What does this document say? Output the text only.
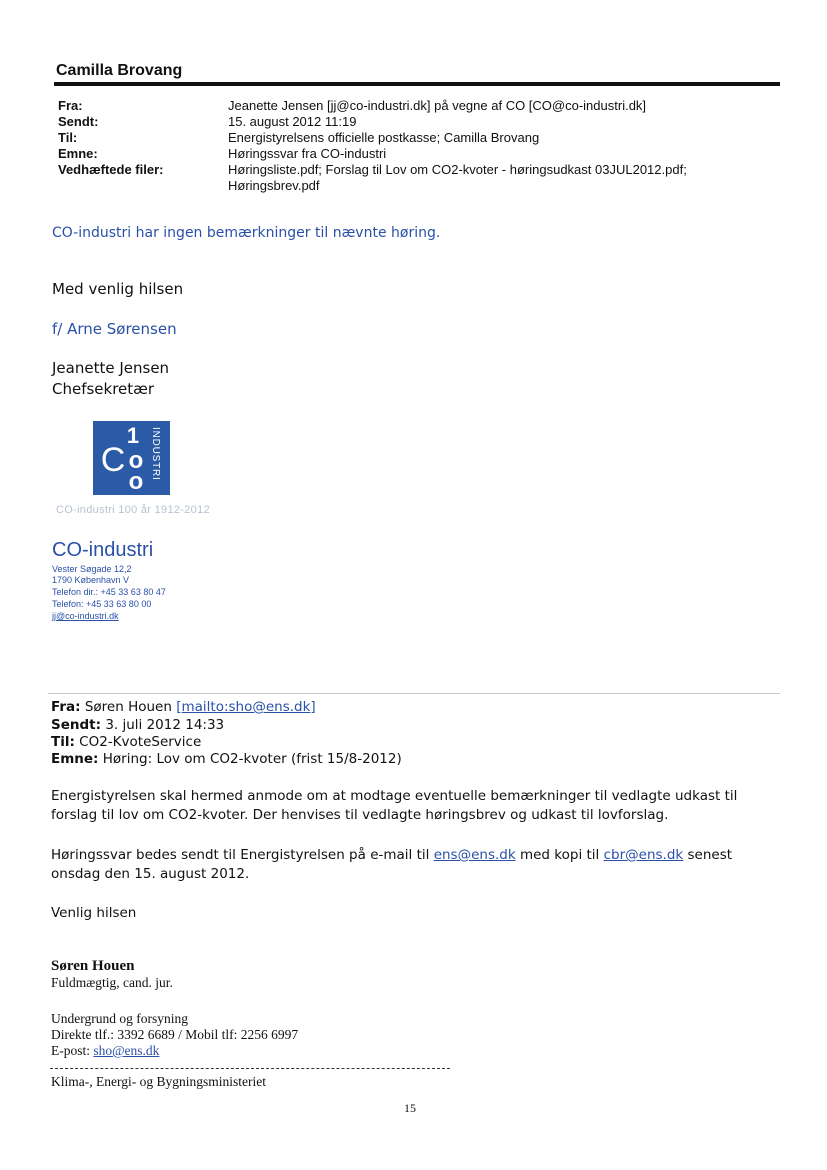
Camilla Brovang
Fra:	Jeanette Jensen [jj@co-industri.dk] på vegne af CO [CO@co-industri.dk]
Sendt:	15. august 2012 11:19
Til:	Energistyrelsens officielle postkasse; Camilla Brovang
Emne:	Høringssvar fra CO-industri
Vedhæftede filer:	Høringsliste.pdf; Forslag til Lov om CO2-kvoter - høringsudkast 03JUL2012.pdf;
Høringsbrev.pdf
CO-industri har ingen bemærkninger til nævnte høring.
Med venlig hilsen
f/ Arne Sørensen
Jeanette Jensen
Chefsekretær
1
C o
o
INDUSTRI
CO-industri 100 år 1912-2012
CO-industri
Vester Søgade 12,2
1790 København V
Telefon dir.: +45 33 63 80 47
Telefon: +45 33 63 80 00
jj@co-industri.dk
Fra: Søren Houen [mailto:sho@ens.dk]
Sendt: 3. juli 2012 14:33
Til: CO2-KvoteService
Emne: Høring: Lov om CO2-kvoter (frist 15/8-2012)
Energistyrelsen skal hermed anmode om at modtage eventuelle bemærkninger til vedlagte udkast til forslag til lov om CO2-kvoter. Der henvises til vedlagte høringsbrev og udkast til lovforslag.
Høringssvar bedes sendt til Energistyrelsen på e-mail til ens@ens.dk med kopi til cbr@ens.dk senest onsdag den 15. august 2012.
Venlig hilsen
Søren Houen
Fuldmægtig, cand. jur.
Undergrund og forsyning
Direkte tlf.: 3392 6689 / Mobil tlf: 2256 6997
E-post: sho@ens.dk
Klima-, Energi- og Bygningsministeriet
15
